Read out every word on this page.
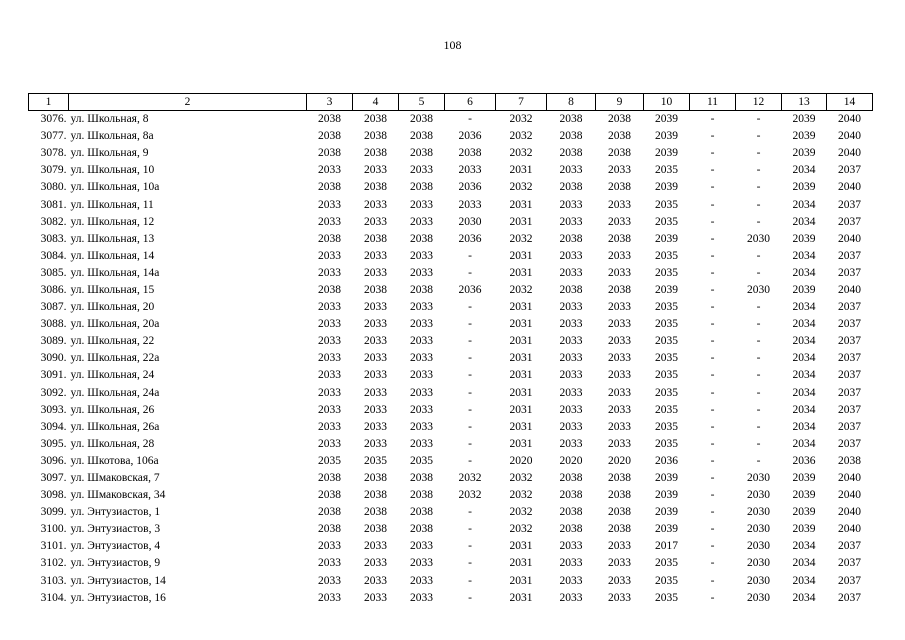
108
1	2	3	4	5	6	7	8	9	10	11	12	13	14
3076.	ул. Школьная, 8	2038	2038	2038	-	2032	2038	2038	2039	-	-	2039	2040
3077.	ул. Школьная, 8а	2038	2038	2038	2036	2032	2038	2038	2039	-	-	2039	2040
3078.	ул. Школьная, 9	2038	2038	2038	2038	2032	2038	2038	2039	-	-	2039	2040
3079.	ул. Школьная, 10	2033	2033	2033	2033	2031	2033	2033	2035	-	-	2034	2037
3080.	ул. Школьная, 10а	2038	2038	2038	2036	2032	2038	2038	2039	-	-	2039	2040
3081.	ул. Школьная, 11	2033	2033	2033	2033	2031	2033	2033	2035	-	-	2034	2037
3082.	ул. Школьная, 12	2033	2033	2033	2030	2031	2033	2033	2035	-	-	2034	2037
3083.	ул. Школьная, 13	2038	2038	2038	2036	2032	2038	2038	2039	-	2030	2039	2040
3084.	ул. Школьная, 14	2033	2033	2033	-	2031	2033	2033	2035	-	-	2034	2037
3085.	ул. Школьная, 14а	2033	2033	2033	-	2031	2033	2033	2035	-	-	2034	2037
3086.	ул. Школьная, 15	2038	2038	2038	2036	2032	2038	2038	2039	-	2030	2039	2040
3087.	ул. Школьная, 20	2033	2033	2033	-	2031	2033	2033	2035	-	-	2034	2037
3088.	ул. Школьная, 20а	2033	2033	2033	-	2031	2033	2033	2035	-	-	2034	2037
3089.	ул. Школьная, 22	2033	2033	2033	-	2031	2033	2033	2035	-	-	2034	2037
3090.	ул. Школьная, 22а	2033	2033	2033	-	2031	2033	2033	2035	-	-	2034	2037
3091.	ул. Школьная, 24	2033	2033	2033	-	2031	2033	2033	2035	-	-	2034	2037
3092.	ул. Школьная, 24а	2033	2033	2033	-	2031	2033	2033	2035	-	-	2034	2037
3093.	ул. Школьная, 26	2033	2033	2033	-	2031	2033	2033	2035	-	-	2034	2037
3094.	ул. Школьная, 26а	2033	2033	2033	-	2031	2033	2033	2035	-	-	2034	2037
3095.	ул. Школьная, 28	2033	2033	2033	-	2031	2033	2033	2035	-	-	2034	2037
3096.	ул. Шкотова, 106а	2035	2035	2035	-	2020	2020	2020	2036	-	-	2036	2038
3097.	ул. Шмаковская, 7	2038	2038	2038	2032	2032	2038	2038	2039	-	2030	2039	2040
3098.	ул. Шмаковская, 34	2038	2038	2038	2032	2032	2038	2038	2039	-	2030	2039	2040
3099.	ул. Энтузиастов, 1	2038	2038	2038	-	2032	2038	2038	2039	-	2030	2039	2040
3100.	ул. Энтузиастов, 3	2038	2038	2038	-	2032	2038	2038	2039	-	2030	2039	2040
3101.	ул. Энтузиастов, 4	2033	2033	2033	-	2031	2033	2033	2017	-	2030	2034	2037
3102.	ул. Энтузиастов, 9	2033	2033	2033	-	2031	2033	2033	2035	-	2030	2034	2037
3103.	ул. Энтузиастов, 14	2033	2033	2033	-	2031	2033	2033	2035	-	2030	2034	2037
3104.	ул. Энтузиастов, 16	2033	2033	2033	-	2031	2033	2033	2035	-	2030	2034	2037
